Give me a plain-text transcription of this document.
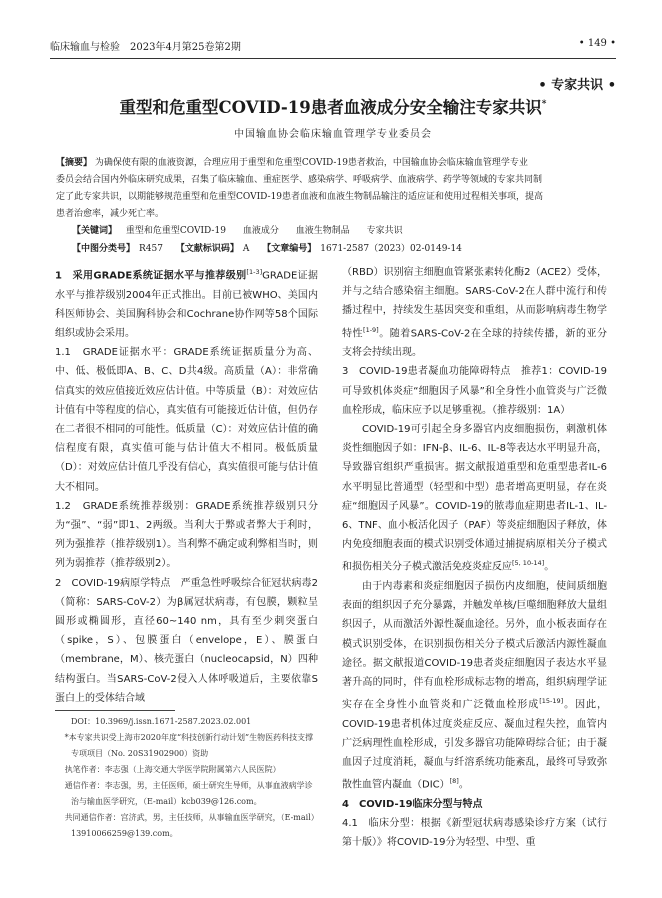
临床输血与检验　2023年4月第25卷第2期	• 149 •
• 专家共识 •
重型和危重型COVID-19患者血液成分安全输注专家共识*
中国输血协会临床输血管理学专业委员会

【摘要】 为确保使有限的血液资源，合理应用于重型和危重型COVID-19患者救治，中国输血协会临床输血管理学专业

委员会结合国内外临床研究成果，召集了临床输血、重症医学、感染病学、呼吸病学、血液病学、药学等领域的专家共同制

定了此专家共识，以期能够规范重型和危重型COVID-19患者血液和血液生物制品输注的适应证和使用过程相关事项，提高

患者治愈率，减少死亡率。

【关键词】 重型和危重型COVID-19 血液成分 血液生物制品 专家共识
【中图分类号】 R457 【文献标识码】 A 【文章编号】 1671-2587（2023）02-0149-14

1　采用GRADE系统证据水平与推荐级别[1-3]GRADE证据水平与推荐级别2004年正式推出。目前已被WHO、美国内科医师协会、美国胸科协会和Cochrane协作网等58个国际组织或协会采用。

1.1　GRADE证据水平：GRADE系统证据质量分为高、中、低、极低即A、B、C、D共4级。高质量（A）：非常确信真实的效应值接近效应估计值。中等质量（B）：对效应估计值有中等程度的信心，真实值有可能接近估计值，但仍存在二者很不相同的可能性。低质量（C）：对效应估计值的确信程度有限，真实值可能与估计值大不相同。极低质量（D）：对效应估计值几乎没有信心，真实值很可能与估计值大不相同。

1.2　GRADE系统推荐级别：GRADE系统推荐级别只分为“强”、“弱”即1、2两级。当利大于弊或者弊大于利时，列为强推荐（推荐级别1）。当利弊不确定或利弊相当时，则列为弱推荐（推荐级别2）。

2　COVID-19病原学特点　严重急性呼吸综合征冠状病毒2（简称：SARS-CoV-2）为β属冠状病毒，有包膜，颗粒呈圆形或椭圆形，直径60~140 nm，具有至少刺突蛋白（spike，S）、包膜蛋白（envelope，E）、膜蛋白（membrane，M）、核壳蛋白（nucleocapsid，N）四种结构蛋白。当SARS-CoV-2侵入人体呼吸道后，主要依靠S蛋白上的受体结合域

DOI：10.3969/j.issn.1671-2587.2023.02.001

*本专家共识受上海市2020年度“科技创新行动计划”生物医药科技支撑专项项目（No. 20S31902900）资助

执笔作者：李志强（上海交通大学医学院附属第六人民医院）

通信作者：李志强，男，主任医师，硕士研究生导师，从事血液病学诊治与输血医学研究，（E-mail）kcb039@126.com。

共同通信作者：宫济武，男，主任技师，从事输血医学研究，（E-mail）13910066259@139.com。

（RBD）识别宿主细胞血管紧张素转化酶2（ACE2）受体，并与之结合感染宿主细胞。SARS-CoV-2在人群中流行和传播过程中，持续发生基因突变和重组，从而影响病毒生物学特性[1-9]。随着SARS-CoV-2在全球的持续传播，新的亚分支将会持续出现。

3　COVID-19患者凝血功能障碍特点　推荐1：COVID-19可导致机体炎症“细胞因子风暴”和全身性小血管炎与广泛微血栓形成，临床应予以足够重视。（推荐级别：1A）

COVID-19可引起全身多器官内皮细胞损伤，刺激机体炎性细胞因子如：IFN-β、IL-6、IL-8等表达水平明显升高，导致器官组织严重损害。据文献报道重型和危重型患者IL-6水平明显比普通型（轻型和中型）患者增高更明显，存在炎症“细胞因子风暴”。COVID-19的脓毒血症期患者IL-1、IL-6、TNF、血小板活化因子（PAF）等炎症细胞因子释放，体内免疫细胞表面的模式识别受体通过捕捉病原相关分子模式和损伤相关分子模式激活免疫炎症反应[5, 10-14]。

由于内毒素和炎症细胞因子损伤内皮细胞，使间质细胞表面的组织因子充分暴露，并触发单核/巨噬细胞释放大量组织因子，从而激活外源性凝血途径。另外，血小板表面存在模式识别受体，在识别损伤相关分子模式后激活内源性凝血途径。据文献报道COVID-19患者炎症细胞因子表达水平显著升高的同时，伴有血栓形成标志物的增高，组织病理学证实存在全身性小血管炎和广泛微血栓形成[15-19]。因此，COVID-19患者机体过度炎症反应、凝血过程失控，血管内广泛病理性血栓形成，引发多器官功能障碍综合征；由于凝血因子过度消耗，凝血与纤溶系统功能紊乱，最终可导致弥散性血管内凝血（DIC）[8]。

4　COVID-19临床分型与特点

4.1　临床分型：根据《新型冠状病毒感染诊疗方案（试行第十版）》将COVID-19分为轻型、中型、重
